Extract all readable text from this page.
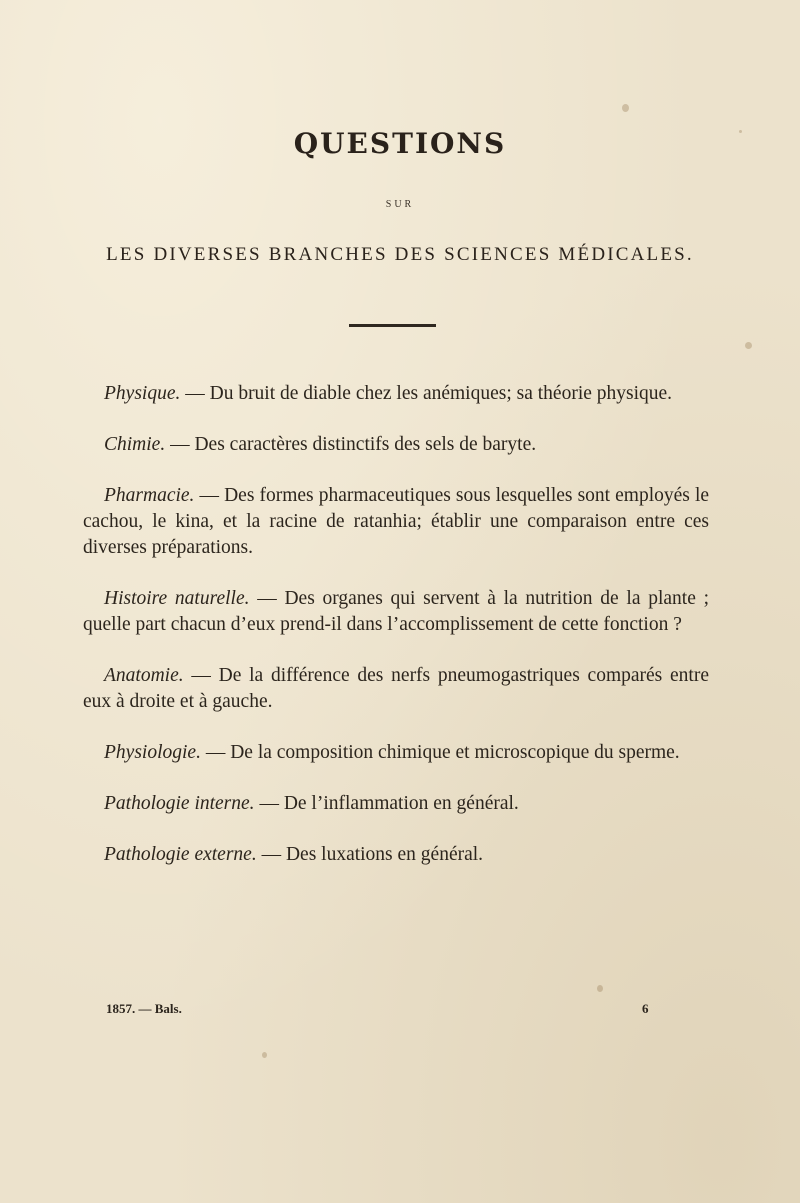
QUESTIONS
SUR
LES DIVERSES BRANCHES DES SCIENCES MÉDICALES.

Physique. — Du bruit de diable chez les anémiques; sa théorie physique.

Chimie. — Des caractères distinctifs des sels de baryte.

Pharmacie. — Des formes pharmaceutiques sous lesquelles sont employés le cachou, le kina, et la racine de ratanhia; établir une comparaison entre ces diverses préparations.

Histoire naturelle. — Des organes qui servent à la nutrition de la plante ; quelle part chacun d’eux prend-il dans l’accomplissement de cette fonction ?

Anatomie. — De la différence des nerfs pneumogastriques comparés entre eux à droite et à gauche.

Physiologie. — De la composition chimique et microscopique du sperme.

Pathologie interne. — De l’inflammation en général.

Pathologie externe. — Des luxations en général.

1857. — Bals.	6
